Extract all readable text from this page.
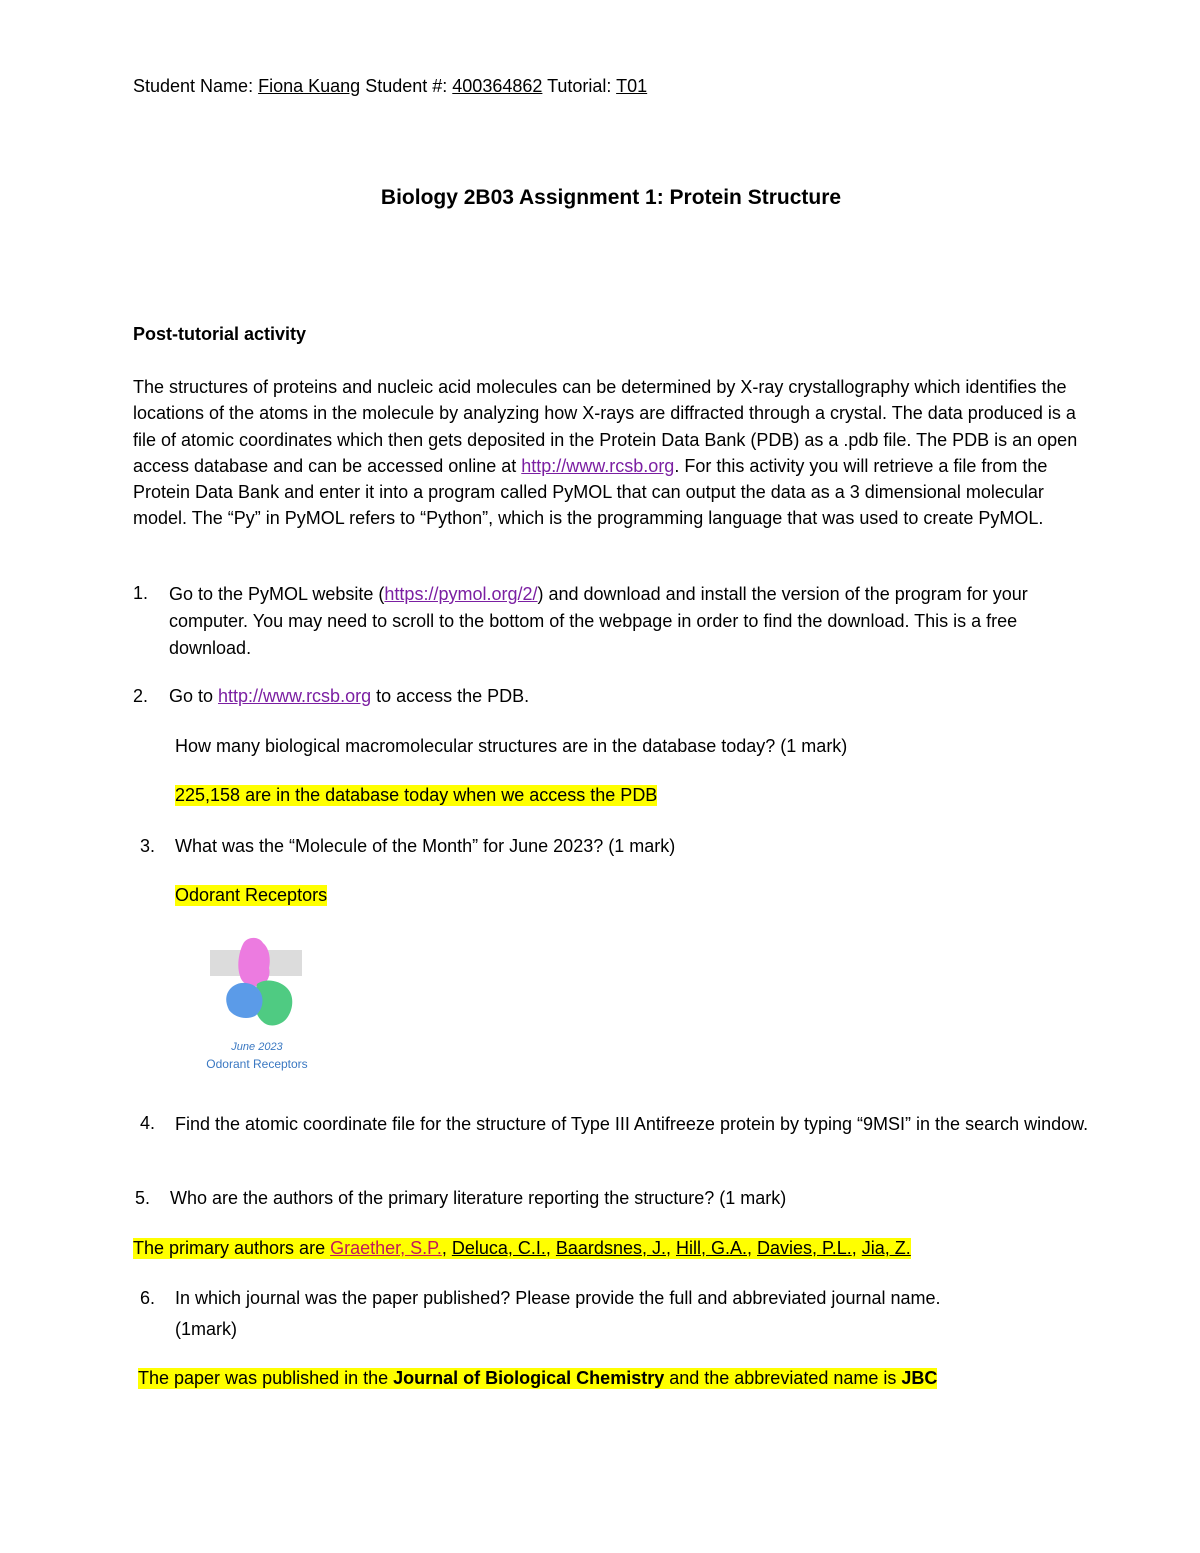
Student Name: Fiona Kuang Student #: 400364862 Tutorial: T01
Biology 2B03 Assignment 1: Protein Structure
Post-tutorial activity
The structures of proteins and nucleic acid molecules can be determined by X-ray crystallography which identifies the locations of the atoms in the molecule by analyzing how X-rays are diffracted through a crystal. The data produced is a file of atomic coordinates which then gets deposited in the Protein Data Bank (PDB) as a .pdb file. The PDB is an open access database and can be accessed online at http://www.rcsb.org. For this activity you will retrieve a file from the Protein Data Bank and enter it into a program called PyMOL that can output the data as a 3 dimensional molecular model. The “Py” in PyMOL refers to “Python”, which is the programming language that was used to create PyMOL.
1. Go to the PyMOL website (https://pymol.org/2/) and download and install the version of the program for your computer. You may need to scroll to the bottom of the webpage in order to find the download. This is a free download.
2. Go to http://www.rcsb.org to access the PDB.
How many biological macromolecular structures are in the database today? (1 mark)
225,158 are in the database today when we access the PDB
3. What was the “Molecule of the Month” for June 2023? (1 mark)
Odorant Receptors
June 2023
Odorant Receptors
4. Find the atomic coordinate file for the structure of Type III Antifreeze protein by typing “9MSI” in the search window.
5. Who are the authors of the primary literature reporting the structure? (1 mark)
The primary authors are Graether, S.P., Deluca, C.I., Baardsnes, J., Hill, G.A., Davies, P.L., Jia, Z.
6. In which journal was the paper published? Please provide the full and abbreviated journal name.
(1mark)
The paper was published in the Journal of Biological Chemistry and the abbreviated name is JBC
